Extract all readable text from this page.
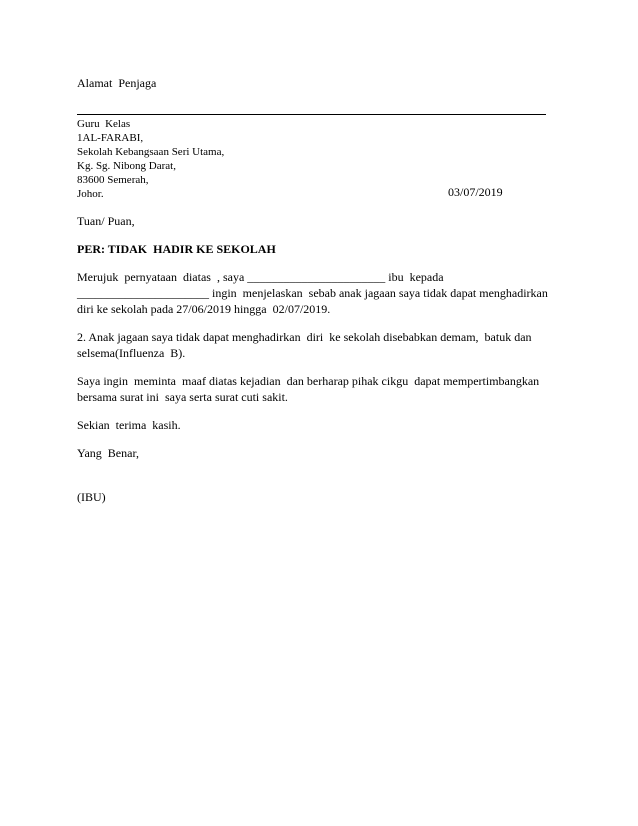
Alamat  Penjaga
Guru  Kelas
1AL-FARABI,
Sekolah Kebangsaan Seri Utama,
Kg. Sg. Nibong Darat,
83600 Semerah,
Johor.	03/07/2019
Tuan/ Puan,
PER: TIDAK  HADIR KE SEKOLAH
Merujuk  pernyataan  diatas  , saya _______________________ ibu  kepada
______________________ ingin  menjelaskan  sebab anak jagaan saya tidak dapat menghadirkan
diri ke sekolah pada 27/06/2019 hingga  02/07/2019.
2. Anak jagaan saya tidak dapat menghadirkan  diri  ke sekolah disebabkan demam,  batuk dan
selsema(Influenza  B).
Saya ingin  meminta  maaf diatas kejadian  dan berharap pihak cikgu  dapat mempertimbangkan
bersama surat ini  saya serta surat cuti sakit.
Sekian  terima  kasih.
Yang  Benar,
(IBU)
